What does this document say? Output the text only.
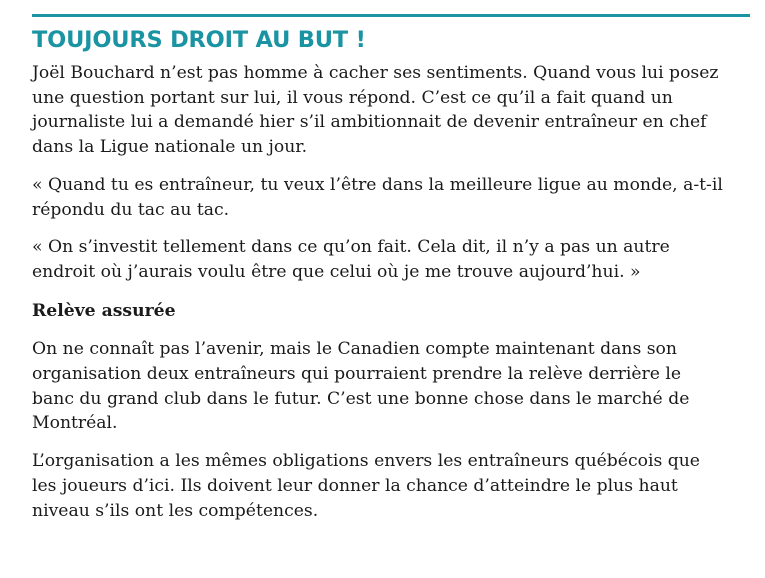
TOUJOURS DROIT AU BUT !

Joël Bouchard n’est pas homme à cacher ses sentiments. Quand vous lui posez
une question portant sur lui, il vous répond. C’est ce qu’il a fait quand un
journaliste lui a demandé hier s’il ambitionnait de devenir entraîneur en chef
dans la Ligue nationale un jour.

« Quand tu es entraîneur, tu veux l’être dans la meilleure ligue au monde, a-t-il
répondu du tac au tac.

« On s’investit tellement dans ce qu’on fait. Cela dit, il n’y a pas un autre
endroit où j’aurais voulu être que celui où je me trouve aujourd’hui. »

Relève assurée

On ne connaît pas l’avenir, mais le Canadien compte maintenant dans son
organisation deux entraîneurs qui pourraient prendre la relève derrière le
banc du grand club dans le futur. C’est une bonne chose dans le marché de
Montréal.

L’organisation a les mêmes obligations envers les entraîneurs québécois que
les joueurs d’ici. Ils doivent leur donner la chance d’atteindre le plus haut
niveau s’ils ont les compétences.
